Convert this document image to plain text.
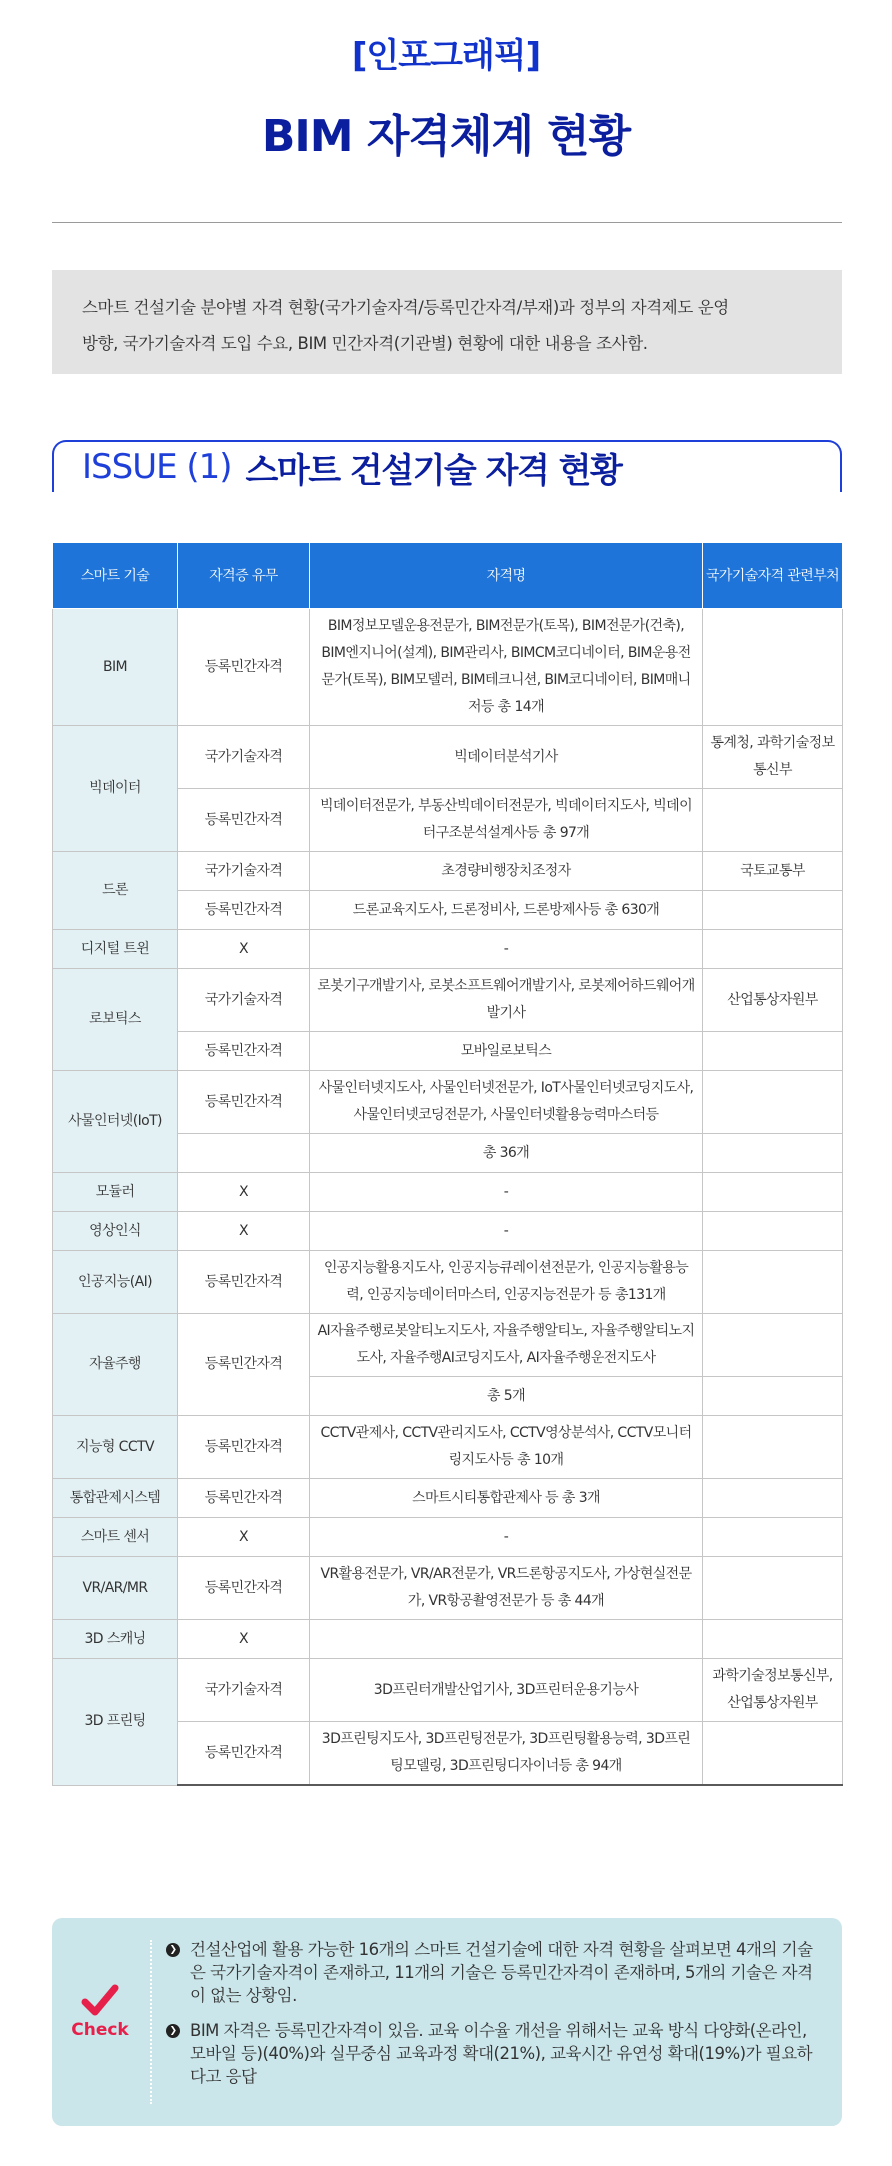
[인포그래픽]
BIM 자격체계 현황

스마트 건설기술 분야별 자격 현황(국가기술자격/등록민간자격/부재)과 정부의 자격제도 운영

방향, 국가기술자격 도입 수요, BIM 민간자격(기관별) 현황에 대한 내용을 조사함.

ISSUE (1) 스마트 건설기술 자격 현황
스마트 기술	자격증 유무	자격명	국가기술자격 관련부처
BIM	등록민간자격	BIM정보모델운용전문가, BIM전문가(토목), BIM전문가(건축), BIM엔지니어(설계), BIM관리사, BIMCM코디네이터, BIM운용전문가(토목), BIM모델러, BIM테크니션, BIM코디네이터, BIM매니저등 총 14개	
빅데이터	국가기술자격	빅데이터분석기사	통계청, 과학기술정보통신부
	등록민간자격	빅데이터전문가, 부동산빅데이터전문가, 빅데이터지도사, 빅데이터구조분석설계사등 총 97개	
드론	국가기술자격	초경량비행장치조정자	국토교통부
	등록민간자격	드론교육지도사, 드론정비사, 드론방제사등 총 630개	
디지털 트윈	X	-	
로보틱스	국가기술자격	로봇기구개발기사, 로봇소프트웨어개발기사, 로봇제어하드웨어개발기사	산업통상자원부
	등록민간자격	모바일로보틱스	
사물인터넷(IoT)	등록민간자격	사물인터넷지도사, 사물인터넷전문가, IoT사물인터넷코딩지도사, 사물인터넷코딩전문가, 사물인터넷활용능력마스터등	
		총 36개	
모듈러	X	-	
영상인식	X	-	
인공지능(AI)	등록민간자격	인공지능활용지도사, 인공지능큐레이션전문가, 인공지능활용능력, 인공지능데이터마스터, 인공지능전문가 등 총131개	
자율주행	등록민간자격	AI자율주행로봇알티노지도사, 자율주행알티노, 자율주행알티노지도사, 자율주행AI코딩지도사, AI자율주행운전지도사	
		총 5개	
지능형 CCTV	등록민간자격	CCTV관제사, CCTV관리지도사, CCTV영상분석사, CCTV모니터링지도사등 총 10개	
통합관제시스템	등록민간자격	스마트시티통합관제사 등 총 3개	
스마트 센서	X	-	
VR/AR/MR	등록민간자격	VR활용전문가, VR/AR전문가, VR드론항공지도사, 가상현실전문가, VR항공촬영전문가 등 총 44개	
3D 스캐닝	X		
3D 프린팅	국가기술자격	3D프린터개발산업기사, 3D프린터운용기능사	과학기술정보통신부, 산업통상자원부
	등록민간자격	3D프린팅지도사, 3D프린팅전문가, 3D프린팅활용능력, 3D프린팅모델링, 3D프린팅디자이너등 총 94개	
Check
❯ 건설산업에 활용 가능한 16개의 스마트 건설기술에 대한 자격 현황을 살펴보면 4개의 기술은 국가기술자격이 존재하고, 11개의 기술은 등록민간자격이 존재하며, 5개의 기술은 자격이 없는 상황임.
❯ BIM 자격은 등록민간자격이 있음. 교육 이수율 개선을 위해서는 교육 방식 다양화(온라인, 모바일 등)(40%)와 실무중심 교육과정 확대(21%), 교육시간 유연성 확대(19%)가 필요하다고 응답
